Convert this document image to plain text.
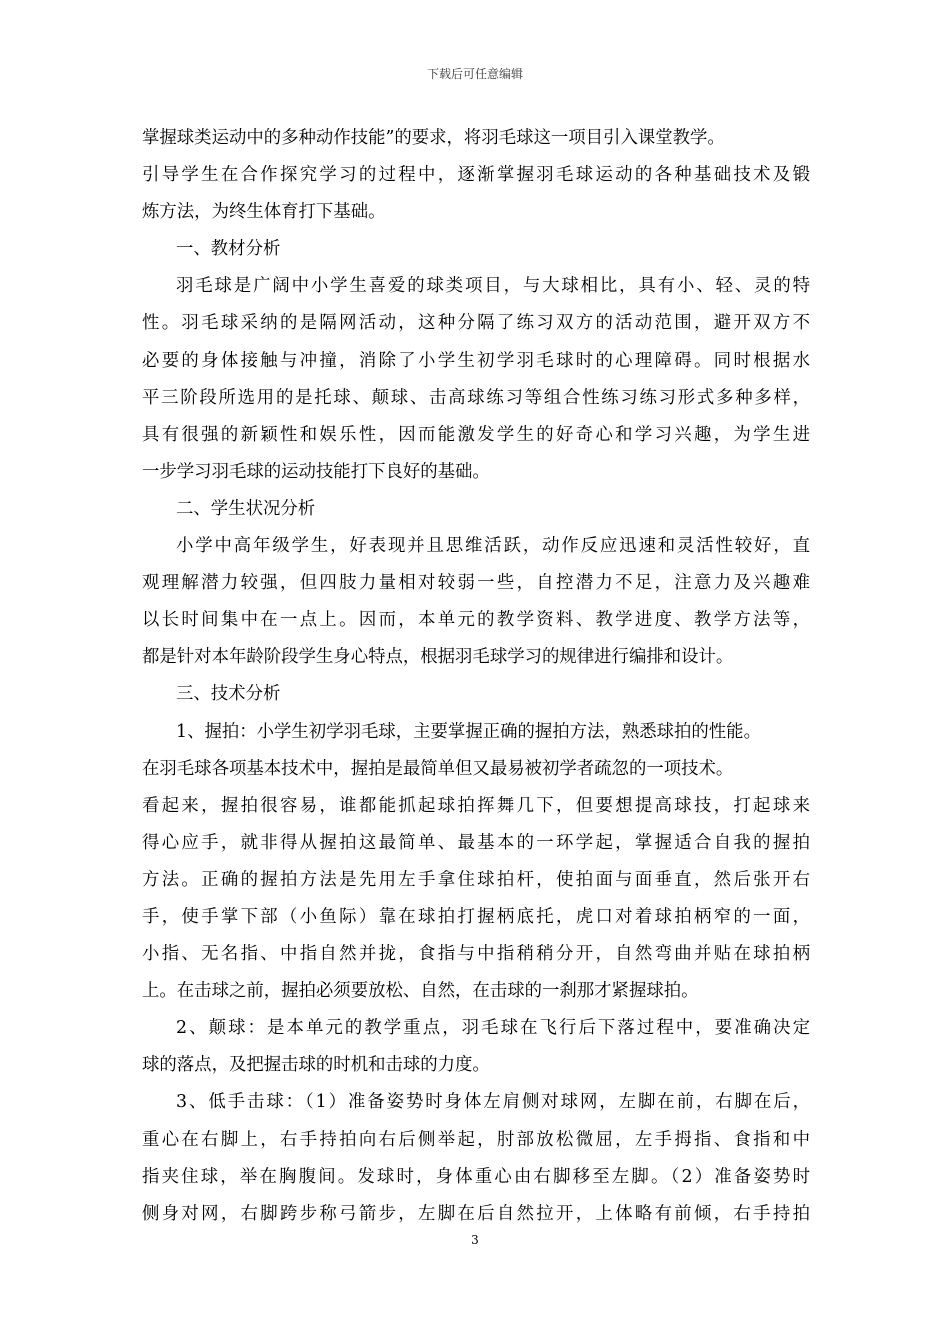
下载后可任意编辑
掌握球类运动中的多种动作技能”的要求，将羽毛球这一项目引入课堂教学。
引导学生在合作探究学习的过程中，逐渐掌握羽毛球运动的各种基础技术及锻
炼方法，为终生体育打下基础。
一、教材分析
羽毛球是广阔中小学生喜爱的球类项目，与大球相比，具有小、轻、灵的特
性。羽毛球采纳的是隔网活动，这种分隔了练习双方的活动范围，避开双方不
必要的身体接触与冲撞，消除了小学生初学羽毛球时的心理障碍。同时根据水
平三阶段所选用的是托球、颠球、击高球练习等组合性练习练习形式多种多样，
具有很强的新颖性和娱乐性，因而能激发学生的好奇心和学习兴趣，为学生进
一步学习羽毛球的运动技能打下良好的基础。
二、学生状况分析
小学中高年级学生，好表现并且思维活跃，动作反应迅速和灵活性较好，直
观理解潜力较强，但四肢力量相对较弱一些，自控潜力不足，注意力及兴趣难
以长时间集中在一点上。因而，本单元的教学资料、教学进度、教学方法等，
都是针对本年龄阶段学生身心特点，根据羽毛球学习的规律进行编排和设计。
三、技术分析
1、握拍：小学生初学羽毛球，主要掌握正确的握拍方法，熟悉球拍的性能。
在羽毛球各项基本技术中，握拍是最简单但又最易被初学者疏忽的一项技术。
看起来，握拍很容易，谁都能抓起球拍挥舞几下，但要想提高球技，打起球来
得心应手，就非得从握拍这最简单、最基本的一环学起，掌握适合自我的握拍
方法。正确的握拍方法是先用左手拿住球拍杆，使拍面与面垂直，然后张开右
手，使手掌下部（小鱼际）靠在球拍打握柄底托，虎口对着球拍柄窄的一面，
小指、无名指、中指自然并拢，食指与中指稍稍分开，自然弯曲并贴在球拍柄
上。在击球之前，握拍必须要放松、自然，在击球的一刹那才紧握球拍。
2、颠球：是本单元的教学重点，羽毛球在飞行后下落过程中，要准确决定
球的落点，及把握击球的时机和击球的力度。
3、低手击球：（1）准备姿势时身体左肩侧对球网，左脚在前，右脚在后，
重心在右脚上，右手持拍向右后侧举起，肘部放松微屈，左手拇指、食指和中
指夹住球，举在胸腹间。发球时，身体重心由右脚移至左脚。（2）准备姿势时
侧身对网，右脚跨步称弓箭步，左脚在后自然拉开，上体略有前倾，右手持拍
3
